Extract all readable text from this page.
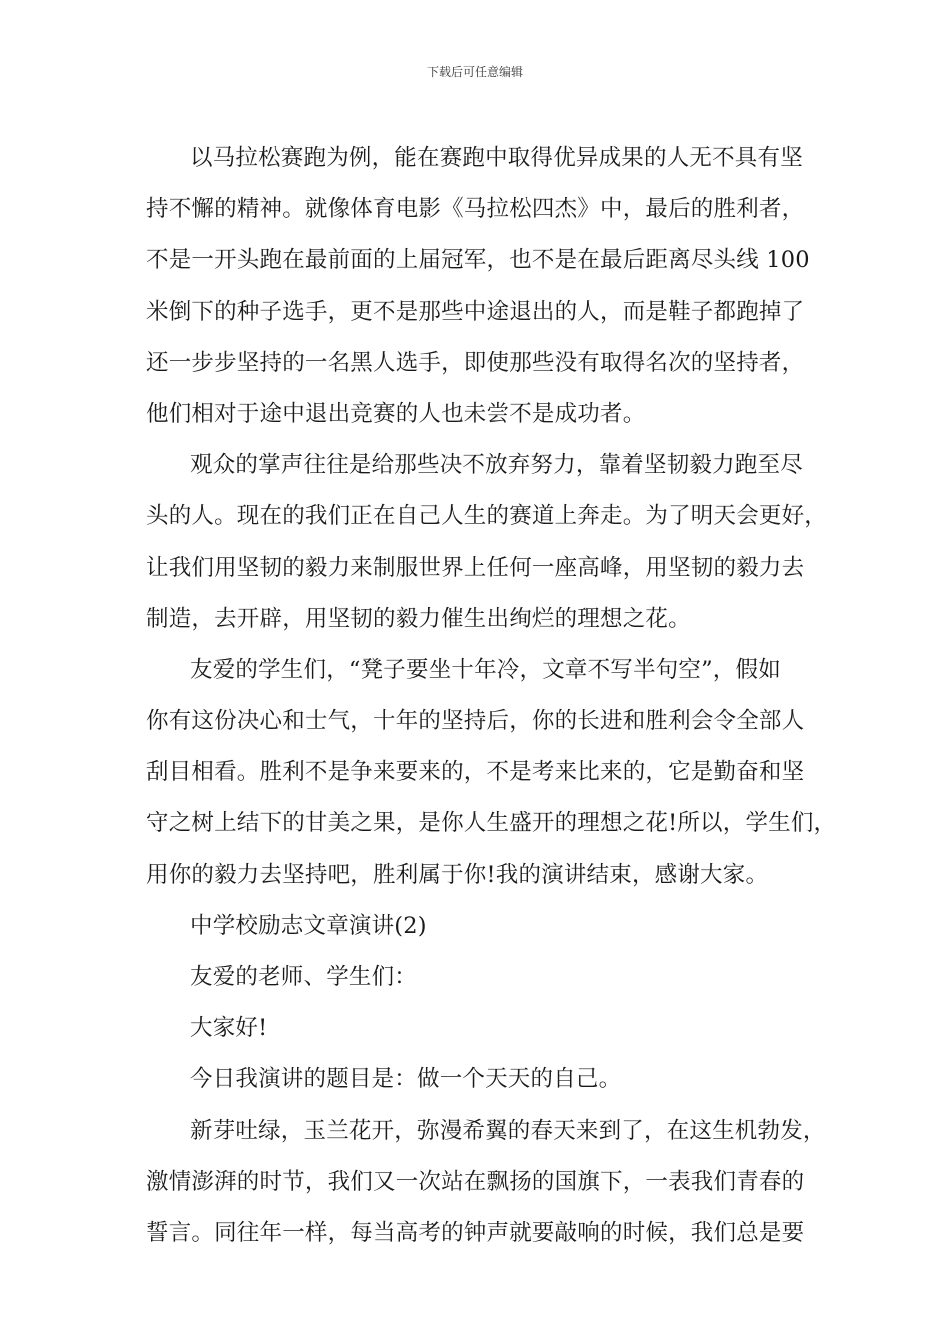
下载后可任意编辑
以马拉松赛跑为例，能在赛跑中取得优异成果的人无不具有坚
持不懈的精神。就像体育电影《马拉松四杰》中，最后的胜利者，
不是一开头跑在最前面的上届冠军，也不是在最后距离尽头线 100
米倒下的种子选手，更不是那些中途退出的人，而是鞋子都跑掉了
还一步步坚持的一名黑人选手，即使那些没有取得名次的坚持者，
他们相对于途中退出竞赛的人也未尝不是成功者。
观众的掌声往往是给那些决不放弃努力，靠着坚韧毅力跑至尽
头的人。现在的我们正在自己人生的赛道上奔走。为了明天会更好，
让我们用坚韧的毅力来制服世界上任何一座高峰，用坚韧的毅力去
制造，去开辟，用坚韧的毅力催生出绚烂的理想之花。
友爱的学生们，“凳子要坐十年冷，文章不写半句空”，假如
你有这份决心和士气，十年的坚持后，你的长进和胜利会令全部人
刮目相看。胜利不是争来要来的，不是考来比来的，它是勤奋和坚
守之树上结下的甘美之果，是你人生盛开的理想之花!所以，学生们，
用你的毅力去坚持吧，胜利属于你!我的演讲结束，感谢大家。
中学校励志文章演讲(2)
友爱的老师、学生们：
大家好!
今日我演讲的题目是：做一个天天的自己。
新芽吐绿，玉兰花开，弥漫希翼的春天来到了，在这生机勃发，
激情澎湃的时节，我们又一次站在飘扬的国旗下，一表我们青春的
誓言。同往年一样，每当高考的钟声就要敲响的时候，我们总是要
